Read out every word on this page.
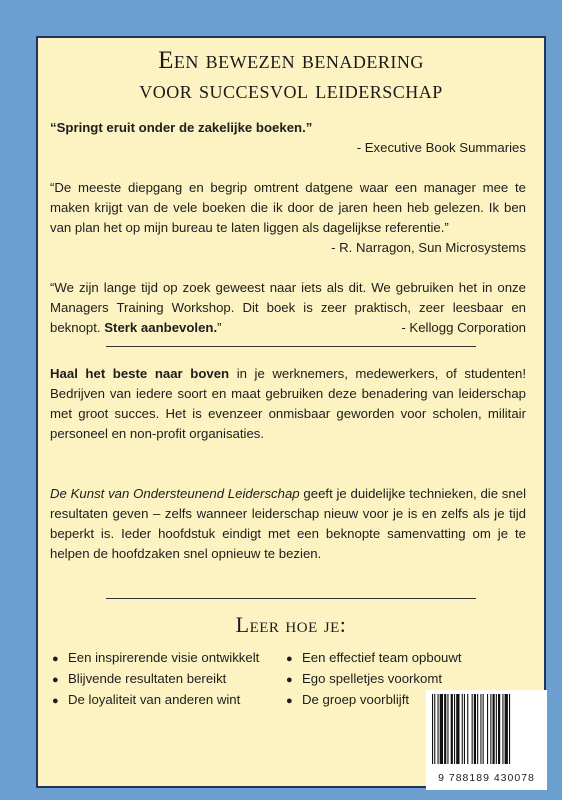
Een bewezen benadering
voor succesvol leiderschap
“Springt eruit onder de zakelijke boeken.”
- Executive Book Summaries
“De meeste diepgang en begrip omtrent datgene waar een manager mee te maken krijgt van de vele boeken die ik door de jaren heen heb gelezen. Ik ben van plan het op mijn bureau te laten liggen als dagelijkse referentie.”
- R. Narragon, Sun Microsystems
“We zijn lange tijd op zoek geweest naar iets als dit. We gebruiken het in onze Managers Training Workshop. Dit boek is zeer praktisch, zeer leesbaar en beknopt. Sterk aanbevolen.”	- Kellogg Corporation
Haal het beste naar boven in je werknemers, medewerkers, of studenten! Bedrijven van iedere soort en maat gebruiken deze benadering van leiderschap met groot succes. Het is evenzeer onmisbaar geworden voor scholen, militair personeel en non-profit organisaties.
De Kunst van Ondersteunend Leiderschap geeft je duidelijke technieken, die snel resultaten geven – zelfs wanneer leiderschap nieuw voor je is en zelfs als je tijd beperkt is. Ieder hoofdstuk eindigt met een beknopte samenvatting om je te helpen de hoofdzaken snel opnieuw te bezien.
Leer hoe je:
● Een inspirerende visie ontwikkelt
● Blijvende resultaten bereikt
● De loyaliteit van anderen wint
● Een effectief team opbouwt
● Ego spelletjes voorkomt
● De groep voorblijft
9 788189 430078
